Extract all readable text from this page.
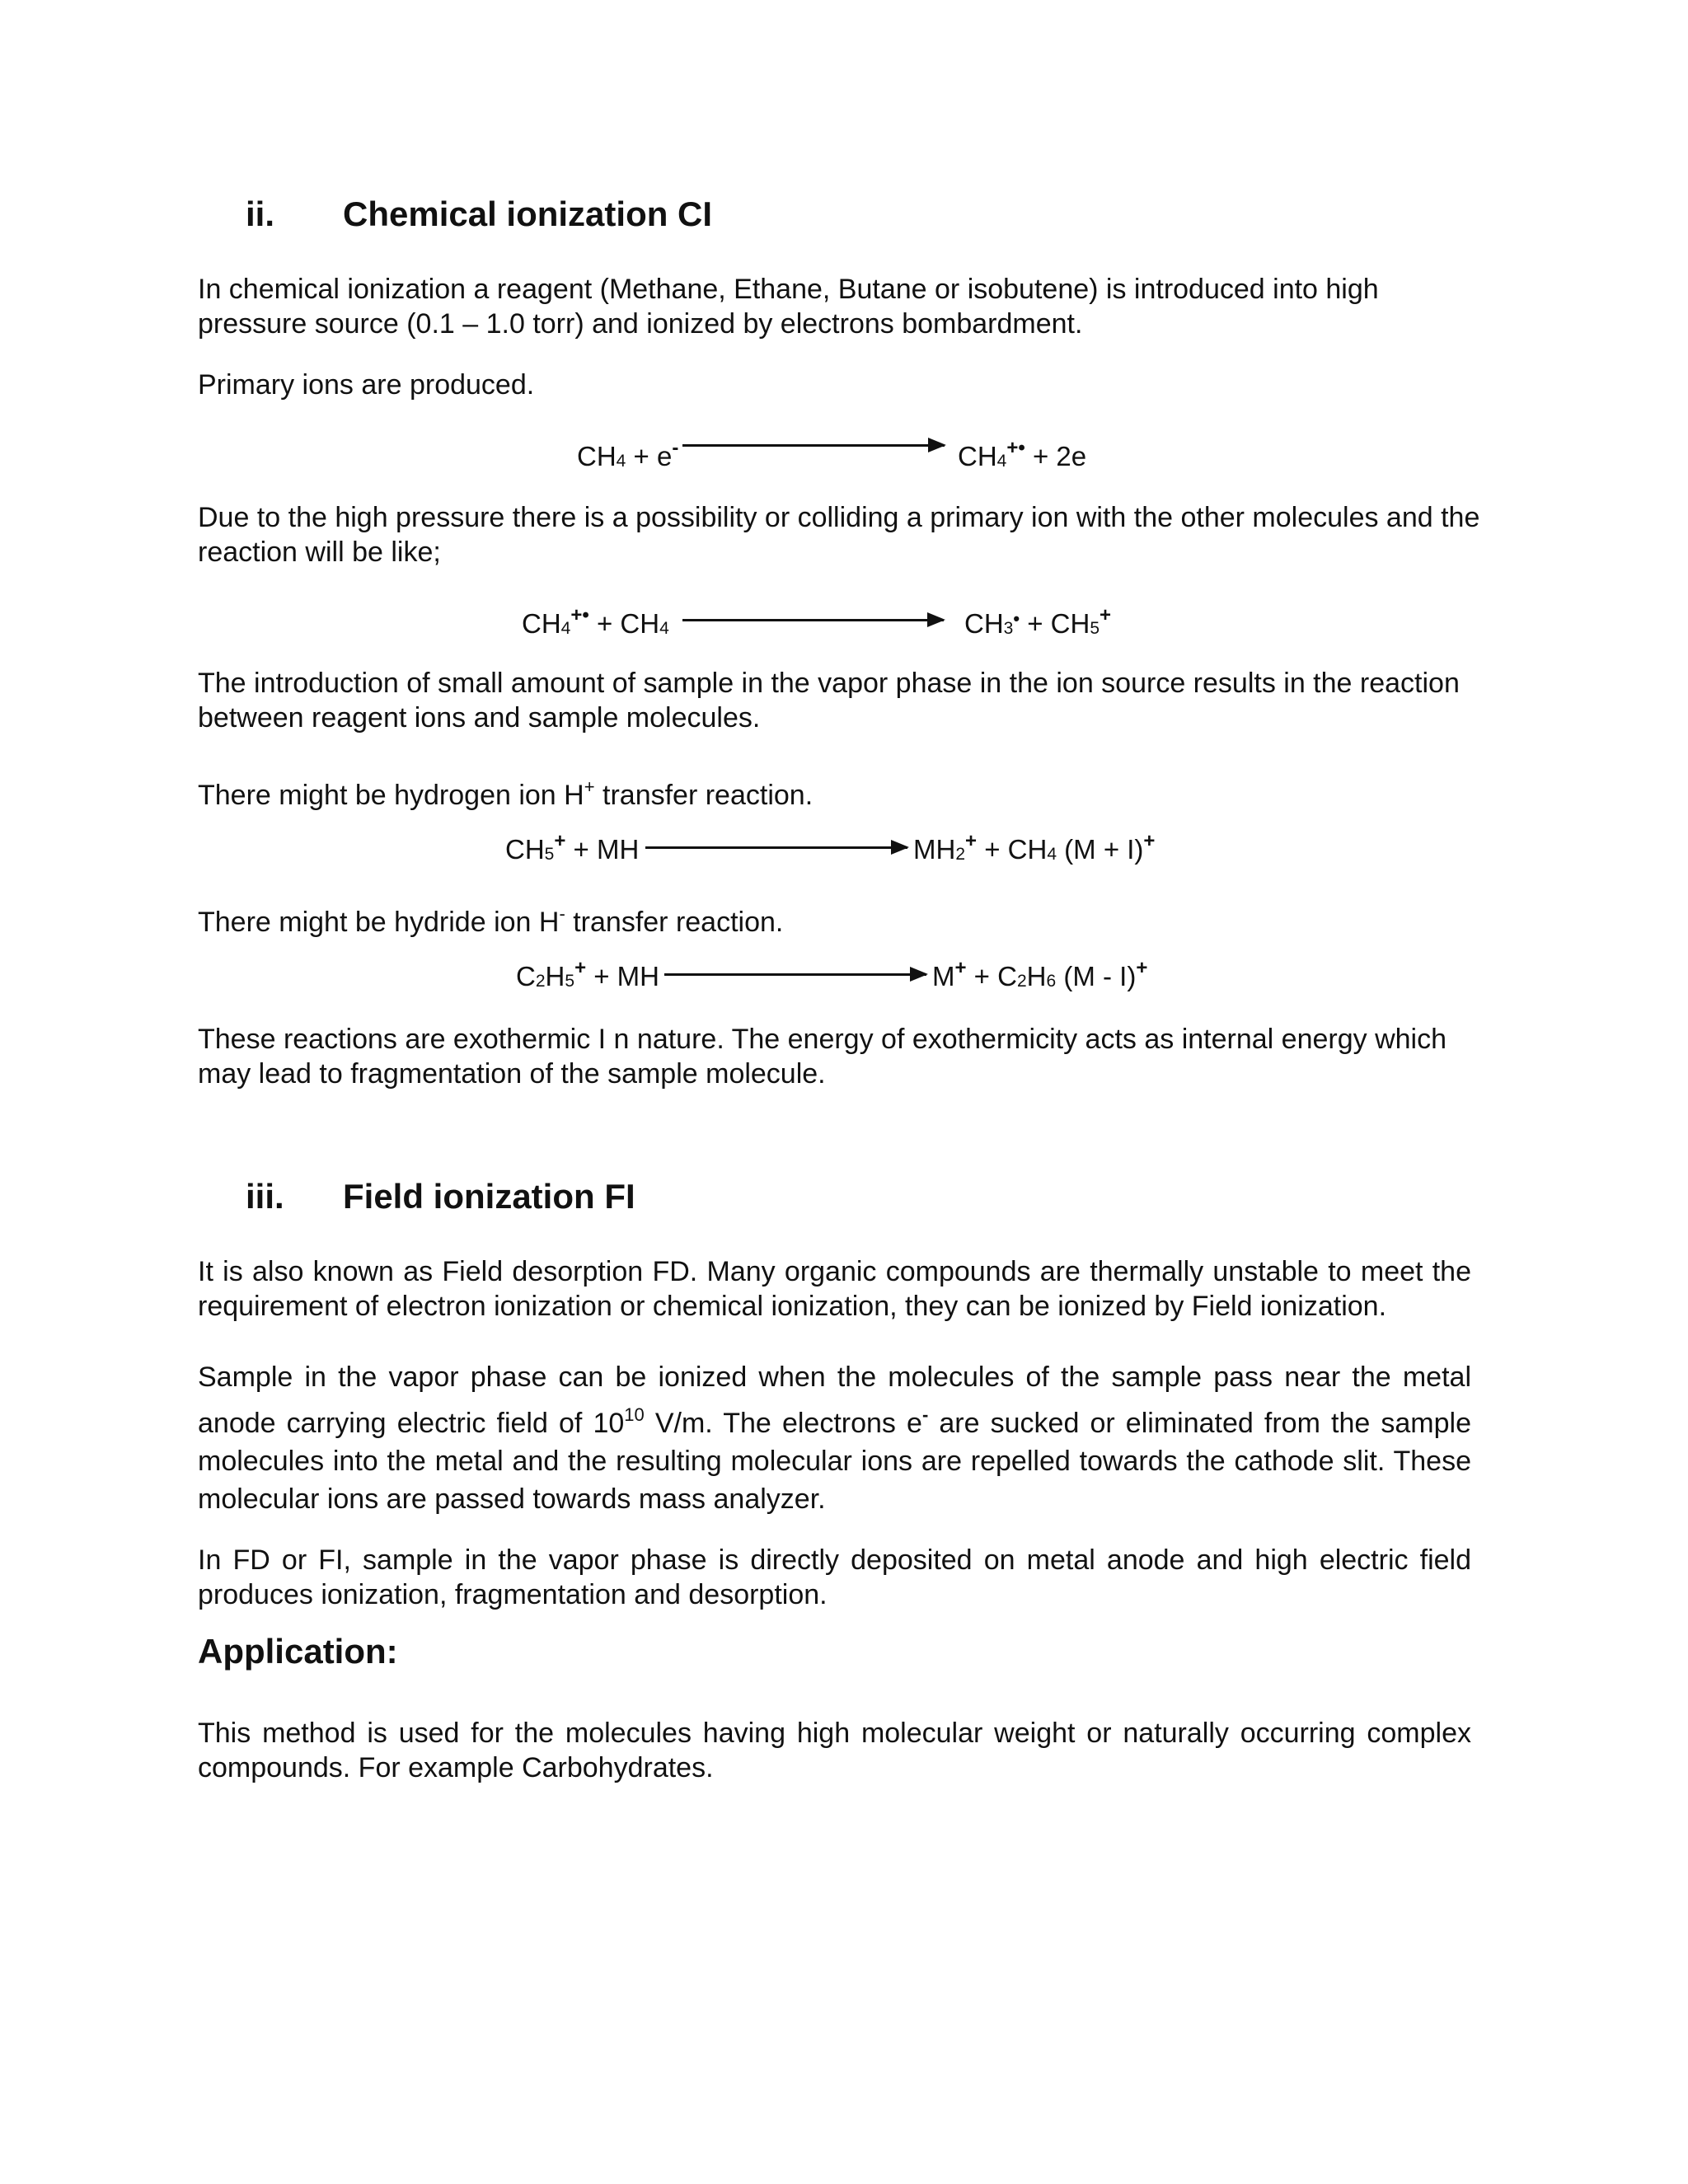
ii. Chemical ionization CI
In chemical ionization a reagent (Methane, Ethane, Butane or isobutene) is introduced into high
pressure source (0.1 – 1.0 torr) and ionized by electrons bombardment.
Primary ions are produced.
CH4 + e-	CH4+• + 2e
Due to the high pressure there is a possibility or colliding a primary ion with the other molecules and the
reaction will be like;
CH4+• + CH4	CH3• + CH5+
The introduction of small amount of sample in the vapor phase in the ion source results in the reaction
between reagent ions and sample molecules.
There might be hydrogen ion H+ transfer reaction.
CH5+ + MH	MH2+ + CH4 (M + I)+
There might be hydride ion H- transfer reaction.
C2H5+ + MH	M+ + C2H6 (M - I)+
These reactions are exothermic I n nature. The energy of exothermicity acts as internal energy which
may lead to fragmentation of the sample molecule.
iii. Field ionization FI
It is also known as Field desorption FD. Many organic compounds are thermally unstable to meet the requirement of electron ionization or chemical ionization, they can be ionized by Field ionization.
Sample in the vapor phase can be ionized when the molecules of the sample pass near the metal anode carrying electric field of $10^{10}$ V/m. The electrons e- are sucked or eliminated from the sample molecules into the metal and the resulting molecular ions are repelled towards the cathode slit. These molecular ions are passed towards mass analyzer.
In FD or FI, sample in the vapor phase is directly deposited on metal anode and high electric field produces ionization, fragmentation and desorption.
Application:
This method is used for the molecules having high molecular weight or naturally occurring complex compounds. For example Carbohydrates.
